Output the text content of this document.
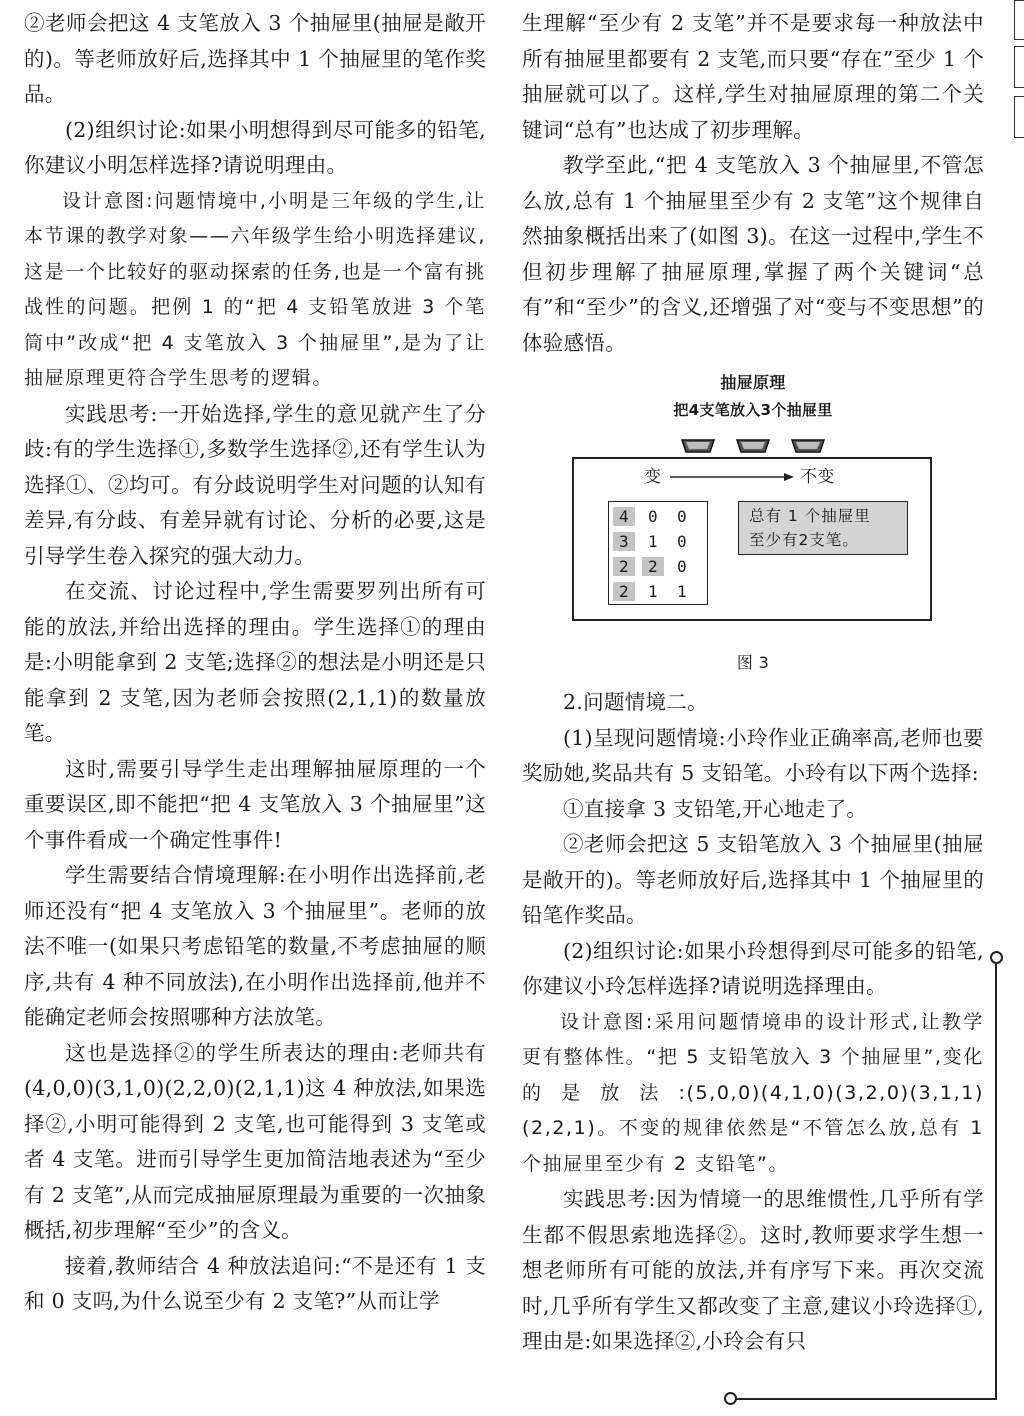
②老师会把这 4 支笔放入 3 个抽屉里(抽屉是敞开的)。等老师放好后,选择其中 1 个抽屉里的笔作奖品。

(2)组织讨论:如果小明想得到尽可能多的铅笔,你建议小明怎样选择?请说明理由。

设计意图:问题情境中,小明是三年级的学生,让本节课的教学对象——六年级学生给小明选择建议,这是一个比较好的驱动探索的任务,也是一个富有挑战性的问题。把例 1 的“把 4 支铅笔放进 3 个笔筒中”改成“把 4 支笔放入 3 个抽屉里”,是为了让抽屉原理更符合学生思考的逻辑。

实践思考:一开始选择,学生的意见就产生了分歧:有的学生选择①,多数学生选择②,还有学生认为选择①、②均可。有分歧说明学生对问题的认知有差异,有分歧、有差异就有讨论、分析的必要,这是引导学生卷入探究的强大动力。

在交流、讨论过程中,学生需要罗列出所有可能的放法,并给出选择的理由。学生选择①的理由是:小明能拿到 2 支笔;选择②的想法是小明还是只能拿到 2 支笔,因为老师会按照(2,1,1)的数量放笔。

这时,需要引导学生走出理解抽屉原理的一个重要误区,即不能把“把 4 支笔放入 3 个抽屉里”这个事件看成一个确定性事件!

学生需要结合情境理解:在小明作出选择前,老师还没有“把 4 支笔放入 3 个抽屉里”。老师的放法不唯一(如果只考虑铅笔的数量,不考虑抽屉的顺序,共有 4 种不同放法),在小明作出选择前,他并不能确定老师会按照哪种方法放笔。

这也是选择②的学生所表达的理由:老师共有(4,0,0)(3,1,0)(2,2,0)(2,1,1)这 4 种放法,如果选择②,小明可能得到 2 支笔,也可能得到 3 支笔或者 4 支笔。进而引导学生更加简洁地表述为“至少有 2 支笔”,从而完成抽屉原理最为重要的一次抽象概括,初步理解“至少”的含义。

接着,教师结合 4 种放法追问:“不是还有 1 支和 0 支吗,为什么说至少有 2 支笔?”从而让学

生理解“至少有 2 支笔”并不是要求每一种放法中所有抽屉里都要有 2 支笔,而只要“存在”至少 1 个抽屉就可以了。这样,学生对抽屉原理的第二个关键词“总有”也达成了初步理解。

教学至此,“把 4 支笔放入 3 个抽屉里,不管怎么放,总有 1 个抽屉里至少有 2 支笔”这个规律自然抽象概括出来了(如图 3)。在这一过程中,学生不但初步理解了抽屉原理,掌握了两个关键词“总有”和“至少”的含义,还增强了对“变与不变思想”的体验感悟。

抽屉原理
把4支笔放入3个抽屉里

变	不变
4	0	0
3	1	0
2	2	0
2	1	1
总有 1 个抽屉里
至少有2支笔。
图 3

2.问题情境二。

(1)呈现问题情境:小玲作业正确率高,老师也要奖励她,奖品共有 5 支铅笔。小玲有以下两个选择:

①直接拿 3 支铅笔,开心地走了。

②老师会把这 5 支铅笔放入 3 个抽屉里(抽屉是敞开的)。等老师放好后,选择其中 1 个抽屉里的铅笔作奖品。

(2)组织讨论:如果小玲想得到尽可能多的铅笔,你建议小玲怎样选择?请说明选择理由。

设计意图:采用问题情境串的设计形式,让教学更有整体性。“把 5 支铅笔放入 3 个抽屉里”,变化的是放法:(5,0,0)(4,1,0)(3,2,0)(3,1,1)(2,2,1)。不变的规律依然是“不管怎么放,总有 1 个抽屉里至少有 2 支铅笔”。

实践思考:因为情境一的思维惯性,几乎所有学生都不假思索地选择②。这时,教师要求学生想一想老师所有可能的放法,并有序写下来。再次交流时,几乎所有学生又都改变了主意,建议小玲选择①,理由是:如果选择②,小玲会有只
